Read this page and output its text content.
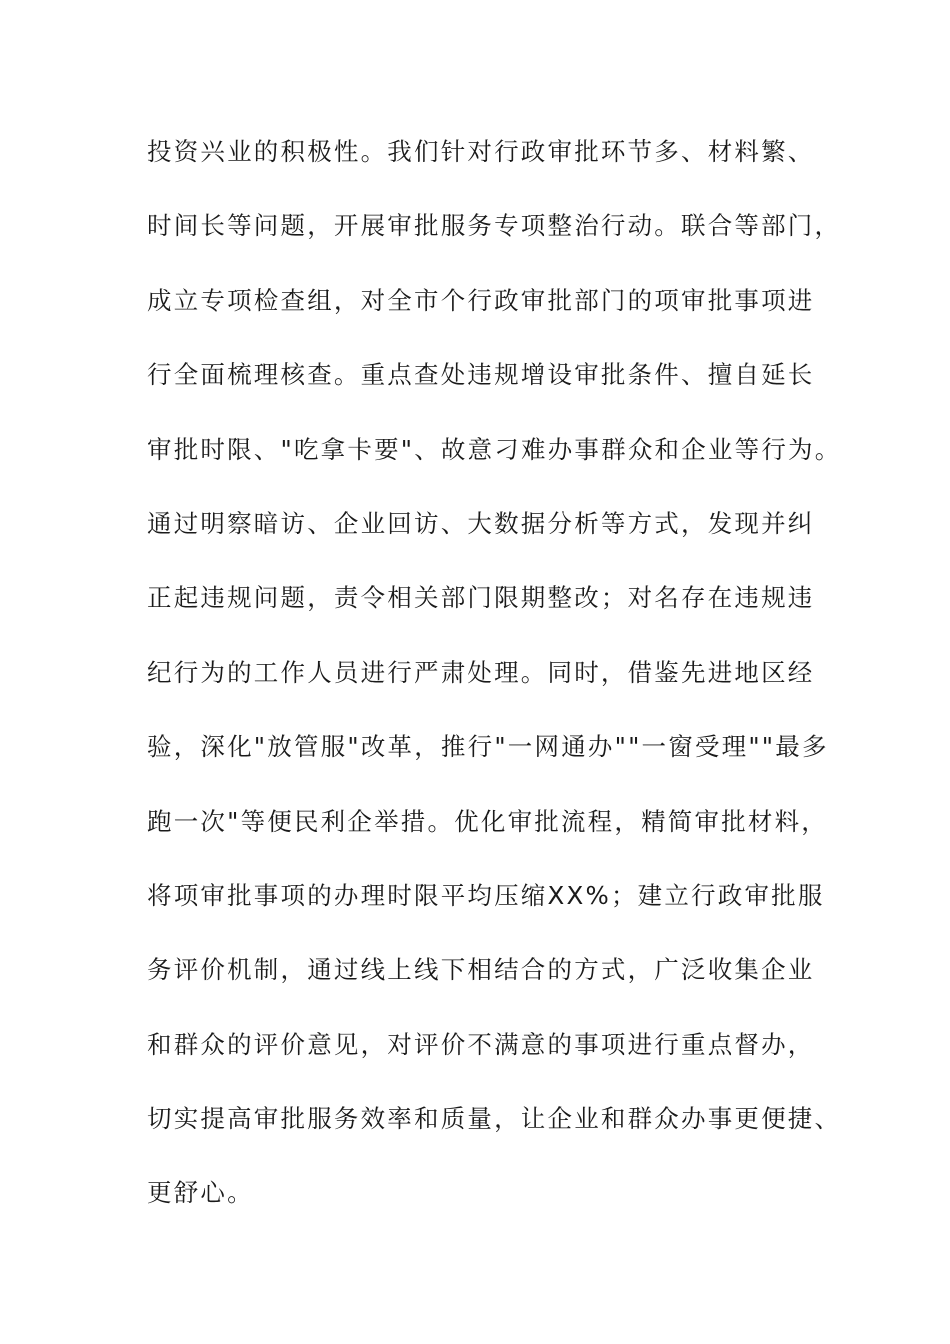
投资兴业的积极性。我们针对行政审批环节多、材料繁、
时间长等问题，开展审批服务专项整治行动。联合等部门，
成立专项检查组，对全市个行政审批部门的项审批事项进
行全面梳理核查。重点查处违规增设审批条件、擅自延长
审批时限、"吃拿卡要"、故意刁难办事群众和企业等行为。
通过明察暗访、企业回访、大数据分析等方式，发现并纠
正起违规问题，责令相关部门限期整改；对名存在违规违
纪行为的工作人员进行严肃处理。同时，借鉴先进地区经
验，深化"放管服"改革，推行"一网通办""一窗受理""最多
跑一次"等便民利企举措。优化审批流程，精简审批材料，
将项审批事项的办理时限平均压缩XX%；建立行政审批服
务评价机制，通过线上线下相结合的方式，广泛收集企业
和群众的评价意见，对评价不满意的事项进行重点督办，
切实提高审批服务效率和质量，让企业和群众办事更便捷、
更舒心。
